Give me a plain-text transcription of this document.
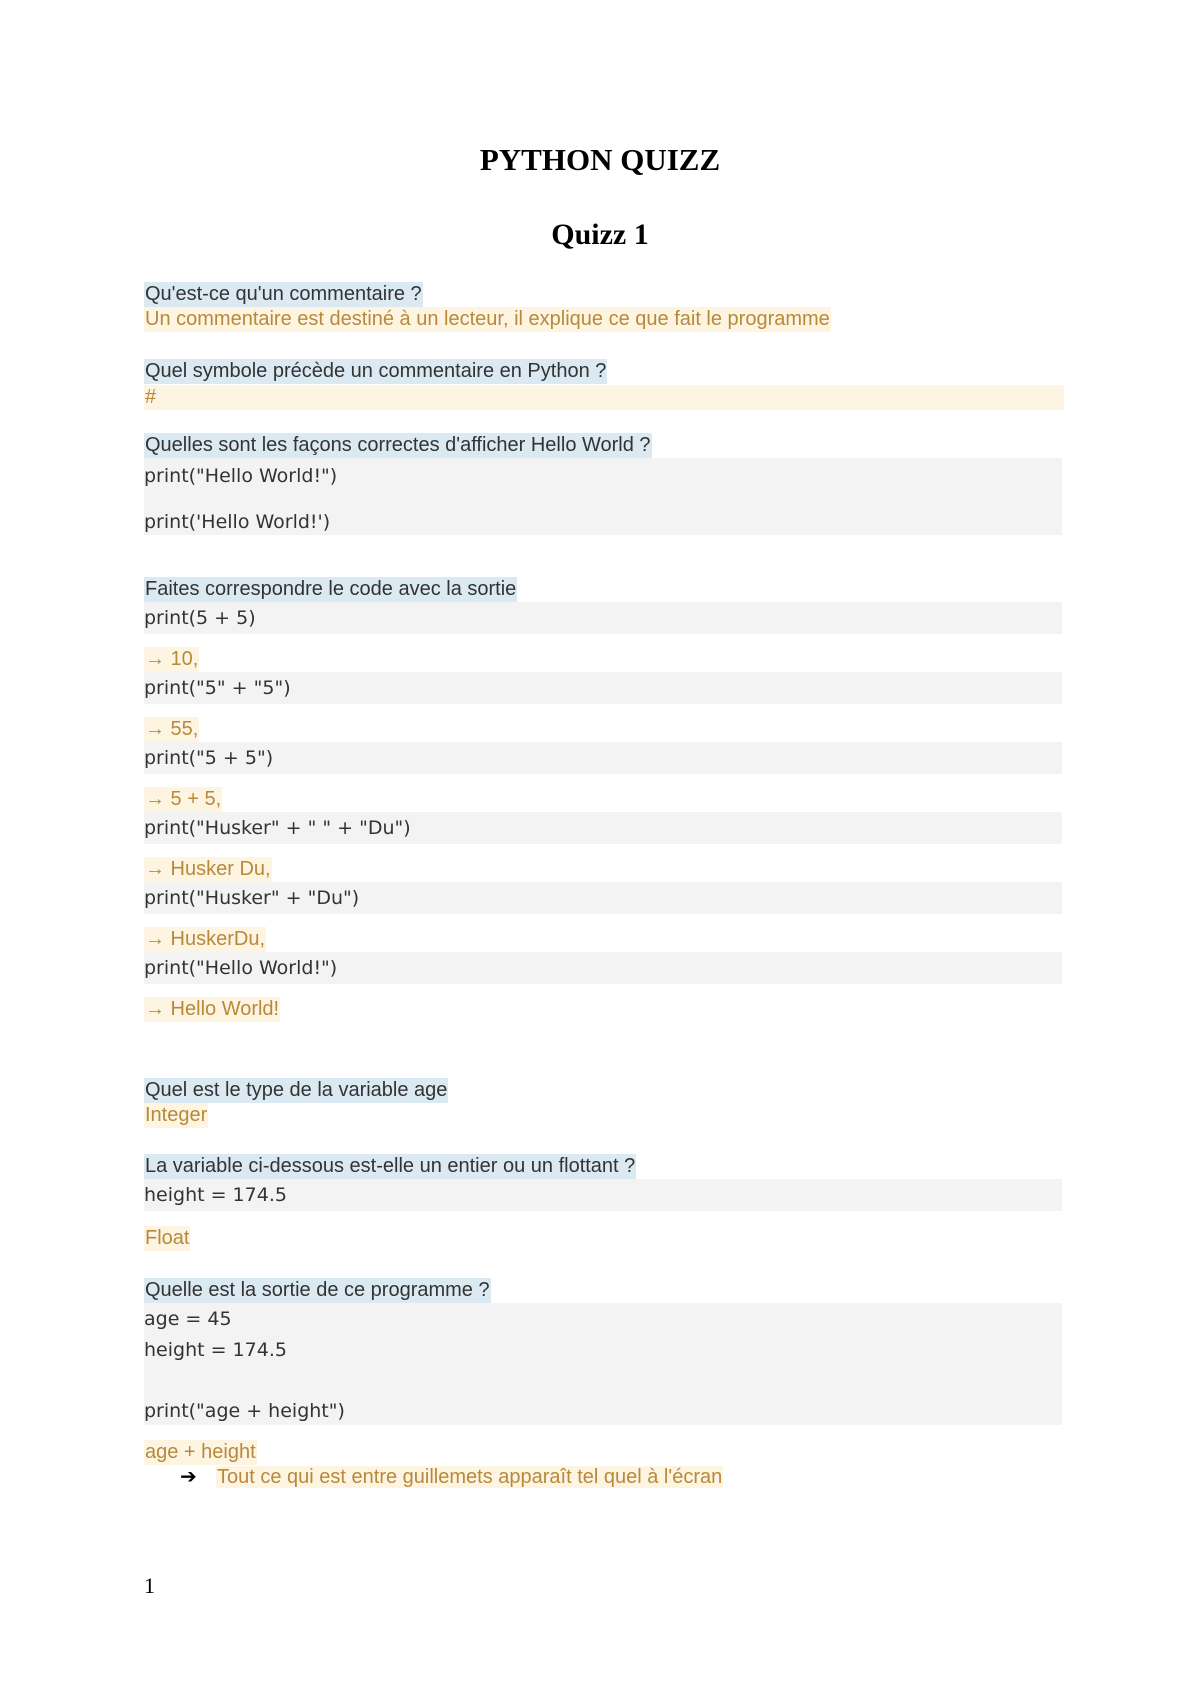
PYTHON QUIZZ
Quizz 1
Qu'est-ce qu'un commentaire ?
Un commentaire est destiné à un lecteur, il explique ce que fait le programme
Quel symbole précède un commentaire en Python ?
#
Quelles sont les façons correctes d'afficher Hello World ?
print("Hello World!")
print('Hello World!')
Faites correspondre le code avec la sortie
print(5 + 5)
→ 10,
print("5" + "5")
→ 55,
print("5 + 5")
→ 5 + 5,
print("Husker" + " " + "Du")
→ Husker Du,
print("Husker" + "Du")
→ HuskerDu,
print("Hello World!")
→ Hello World!
Quel est le type de la variable age
Integer
La variable ci-dessous est-elle un entier ou un flottant ?
height = 174.5
Float
Quelle est la sortie de ce programme ?
age = 45
height = 174.5
print("age + height")
age + height
➔ Tout ce qui est entre guillemets apparaît tel quel à l'écran
1
